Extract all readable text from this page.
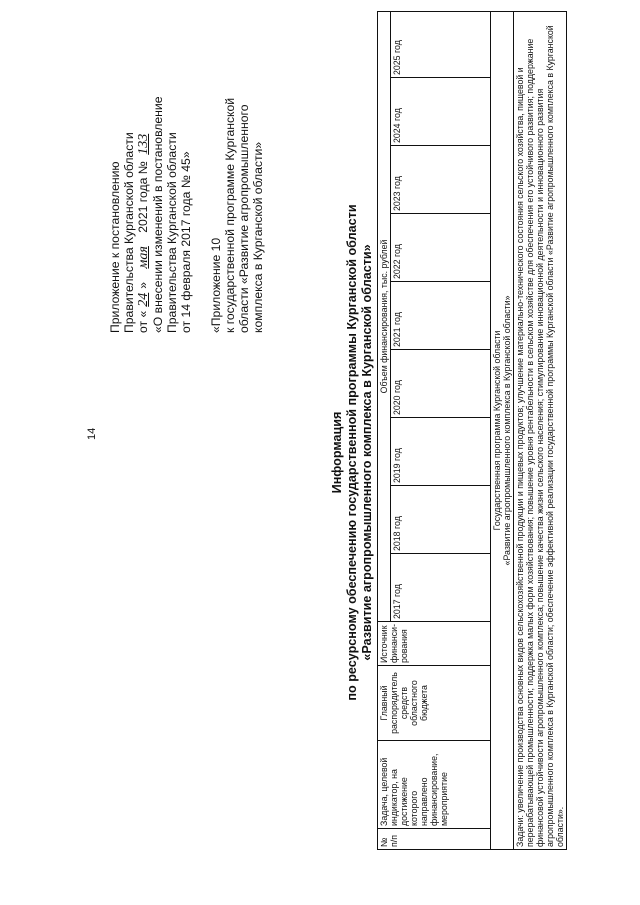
14

Приложение к постановлению Правительства Курганской области от «24» мая 2021 года № 133 «О внесении изменений в постановление Правительства Курганской области от 14 февраля 2017 года № 45» «Приложение 10 к государственной программе Курганской области «Развитие агропромышленного комплекса в Курганской области»

Информация по ресурсному обеспечению государственной программы Курганской области «Развитие агропромышленного комплекса в Курганской области»

№ п/п	Задача, целевой индикатор, на достижение которого направлено финансирование, мероприятие	Главный распорядитель средств областного бюджета	Источник финанси-рования	Объем финансирования, тыс. рублей								
				2017 год	2018 год	2019 год	2020 год	2021 год	2022 год	2023 год	2024 год	2025 год

Государственная программа Курганской области «Развитие агропромышленного комплекса в Курганской области»												

Задачи: увеличение производства основных видов сельскохозяйственной продукции и пищевых продуктов; улучшение материально-технического состояния сельского хозяйства, пищевой и перерабатывающей промышленности; поддержка малых форм хозяйствования; повышение уровня рентабельности в сельском хозяйстве для обеспечения его устойчивого развития; поддержание финансовой устойчивости агропромышленного комплекса; повышение качества жизни сельского населения; стимулирование инновационной деятельности и инновационного развития агропромышленного комплекса в Курганской области; обеспечение эффективной реализации государственной программы Курганской области «Развитие агропромышленного комплекса в Курганской области».												
